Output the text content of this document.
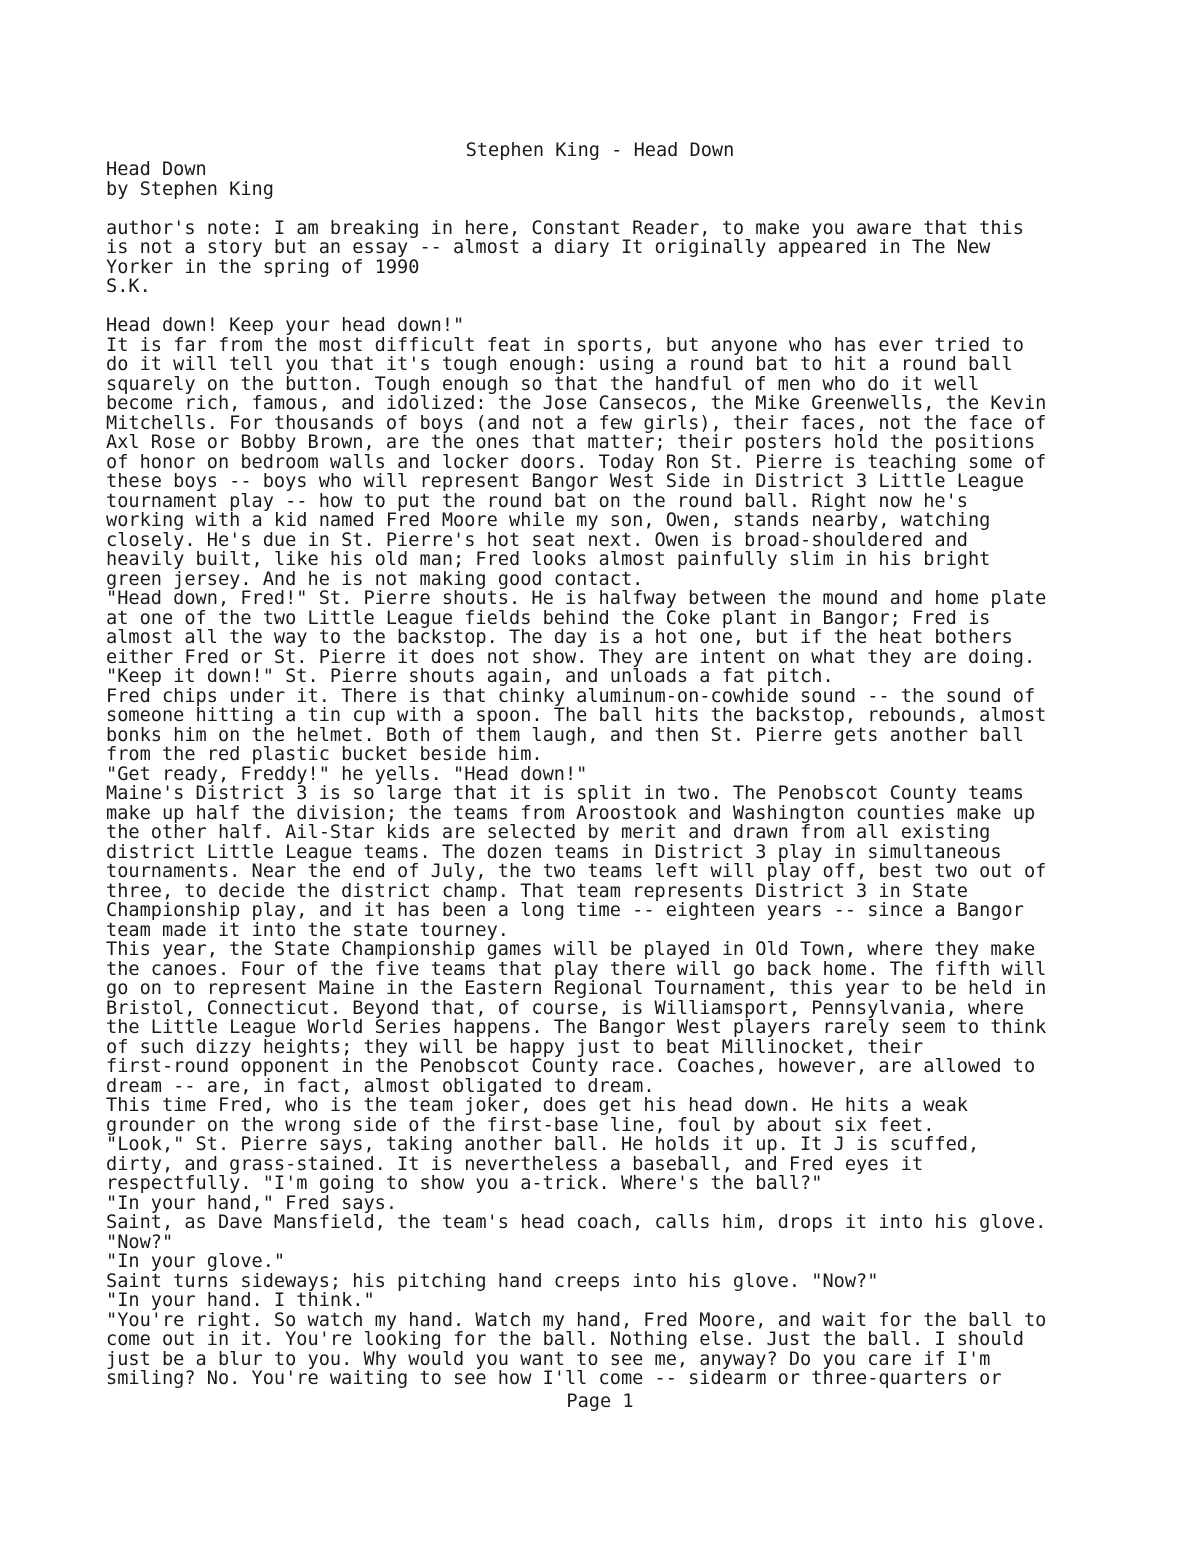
Stephen King - Head Down
Head Down
by Stephen King
author's note: I am breaking in here, Constant Reader, to make you aware that this
is not a story but an essay -- almost a diary It originally appeared in The New
Yorker in the spring of 1990
S.K.
Head down! Keep your head down!"
It is far from the most difficult feat in sports, but anyone who has ever tried to
do it will tell you that it's tough enough: using a round bat to hit a round ball
squarely on the button. Tough enough so that the handful of men who do it well
become rich, famous, and idolized: the Jose Cansecos, the Mike Greenwells, the Kevin
Mitchells. For thousands of boys (and not a few girls), their faces, not the face of
Axl Rose or Bobby Brown, are the ones that matter; their posters hold the positions
of honor on bedroom walls and locker doors. Today Ron St. Pierre is teaching some of
these boys -- boys who will represent Bangor West Side in District 3 Little League
tournament play -- how to put the round bat on the round ball. Right now he's
working with a kid named Fred Moore while my son, Owen, stands nearby, watching
closely. He's due in St. Pierre's hot seat next. Owen is broad-shouldered and
heavily built, like his old man; Fred looks almost painfully slim in his bright
green jersey. And he is not making good contact.
"Head down, Fred!" St. Pierre shouts. He is halfway between the mound and home plate
at one of the two Little League fields behind the Coke plant in Bangor; Fred is
almost all the way to the backstop. The day is a hot one, but if the heat bothers
either Fred or St. Pierre it does not show. They are intent on what they are doing.
"Keep it down!" St. Pierre shouts again, and unloads a fat pitch.
Fred chips under it. There is that chinky aluminum-on-cowhide sound -- the sound of
someone hitting a tin cup with a spoon. The ball hits the backstop, rebounds, almost
bonks him on the helmet. Both of them laugh, and then St. Pierre gets another ball
from the red plastic bucket beside him.
"Get ready, Freddy!" he yells. "Head down!"
Maine's District 3 is so large that it is split in two. The Penobscot County teams
make up half the division; the teams from Aroostook and Washington counties make up
the other half. Ail-Star kids are selected by merit and drawn from all existing
district Little League teams. The dozen teams in District 3 play in simultaneous
tournaments. Near the end of July, the two teams left will play off, best two out of
three, to decide the district champ. That team represents District 3 in State
Championship play, and it has been a long time -- eighteen years -- since a Bangor
team made it into the state tourney.
This year, the State Championship games will be played in Old Town, where they make
the canoes. Four of the five teams that play there will go back home. The fifth will
go on to represent Maine in the Eastern Regional Tournament, this year to be held in
Bristol, Connecticut. Beyond that, of course, is Williamsport, Pennsylvania, where
the Little League World Series happens. The Bangor West players rarely seem to think
of such dizzy heights; they will be happy just to beat Millinocket, their
first-round opponent in the Penobscot County race. Coaches, however, are allowed to
dream -- are, in fact, almost obligated to dream.
This time Fred, who is the team joker, does get his head down. He hits a weak
grounder on the wrong side of the first-base line, foul by about six feet.
"Look," St. Pierre says, taking another ball. He holds it up. It J is scuffed,
dirty, and grass-stained. It is nevertheless a baseball, and Fred eyes it
respectfully. "I'm going to show you a-trick. Where's the ball?"
"In your hand," Fred says.
Saint, as Dave Mansfield, the team's head coach, calls him, drops it into his glove.
"Now?"
"In your glove."
Saint turns sideways; his pitching hand creeps into his glove. "Now?"
"In your hand. I think."
"You're right. So watch my hand. Watch my hand, Fred Moore, and wait for the ball to
come out in it. You're looking for the ball. Nothing else. Just the ball. I should
just be a blur to you. Why would you want to see me, anyway? Do you care if I'm
smiling? No. You're waiting to see how I'll come -- sidearm or three-quarters or
Page 1
